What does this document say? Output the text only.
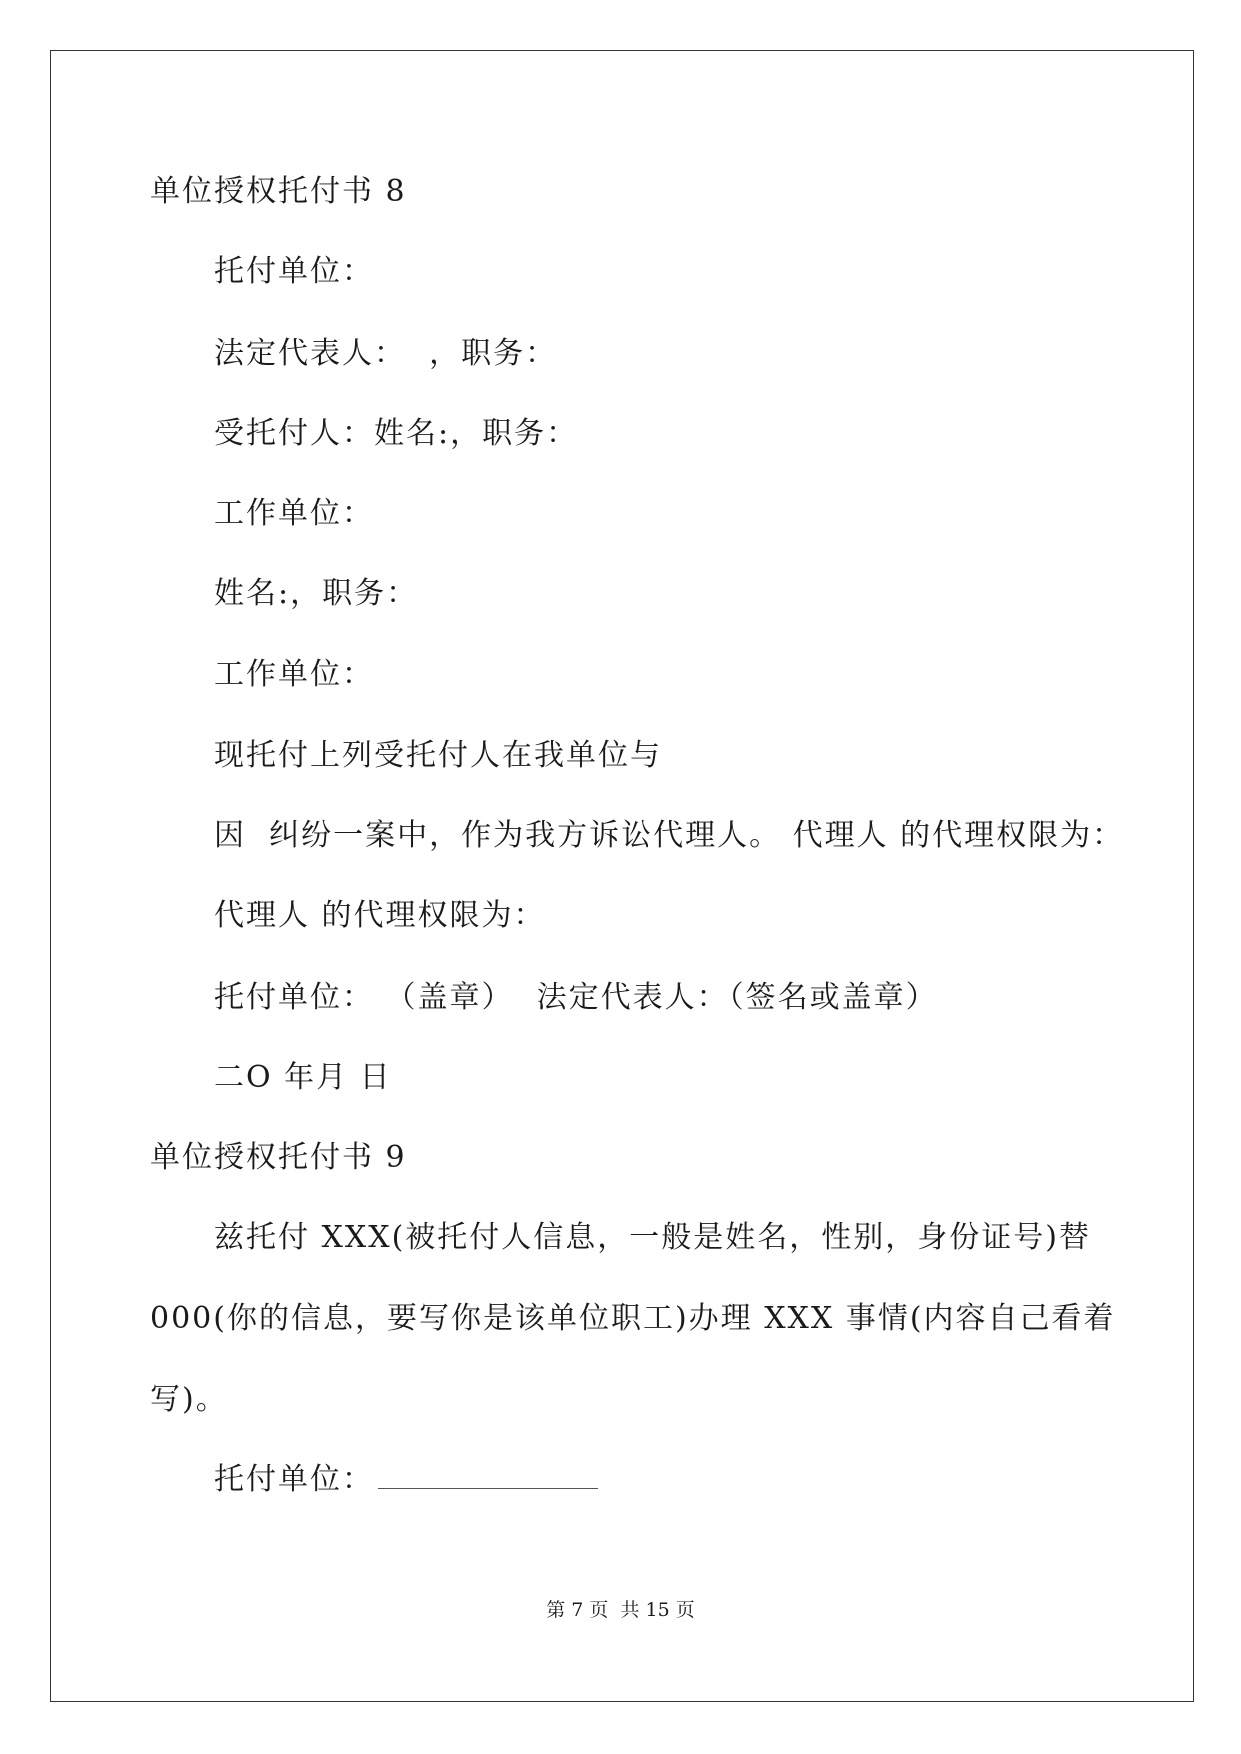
单位授权托付书 8
托付单位：
法定代表人：  ，职务：
受托付人：姓名:，职务：
工作单位：
姓名:，职务：
工作单位：
现托付上列受托付人在我单位与
因  纠纷一案中，作为我方诉讼代理人。 代理人 的代理权限为：
代理人 的代理权限为：
托付单位： （盖章）  法定代表人：（签名或盖章）
二O 年月 日
单位授权托付书 9
兹托付 XXX(被托付人信息，一般是姓名，性别，身份证号)替
000(你的信息，要写你是该单位职工)办理 XXX 事情(内容自己看着
写)。
托付单位：
第 7 页  共 15 页
